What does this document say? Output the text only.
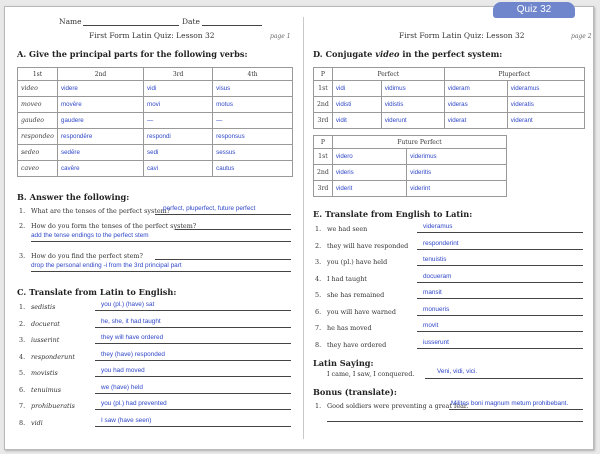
Name	Date
First Form Latin Quiz: Lesson 32	page 1
A. Give the principal parts for the following verbs:
1st	2nd	3rd	4th
video	videre	vidi	visus
moveo	movēre	movi	motus
gaudeo	gaudere	—	—
respondeo	respondēre	respondi	responsus
sedeo	sedēre	sedi	sessus
caveo	cavēre	cavi	cautus
B. Answer the following:
1. What are the tenses of the perfect system?
perfect, pluperfect, future perfect
2. How do you form the tenses of the perfect system?
add the tense endings to the perfect stem
3. How do you find the perfect stem?
drop the personal ending -i from the 3rd principal part
C. Translate from Latin to English:
1. sedistis	you (pl.) (have) sat
2. docuerat	he, she, it had taught
3. iusserint	they will have ordered
4. responderunt	they (have) responded
5. movistis	you had moved
6. tenuimus	we (have) held
7. prohibueratis	you (pl.) had prevented
8. vidi	I saw (have seen)
First Form Latin Quiz: Lesson 32	page 2
D. Conjugate video in the perfect system:
P	Perfect		Pluperfect	
1st	vidi	vidimus	videram	videramus
2nd	vidisti	vidistis	videras	videratis
3rd	vidit	viderunt	viderat	viderant
P	Future Perfect	
1st	videro	viderimus
2nd	videris	videritis
3rd	viderit	viderint
E. Translate from English to Latin:
1. we had seen	videramus
2. they will have responded responderint
3. you (pl.) have held	tenuistis
4. I had taught	docueram
5. she has remained	mansit
6. you will have warned	monueris
7. he has moved	movit
8. they have ordered	iusserunt
Latin Saying:
I came, I saw, I conquered.	Veni, vidi, vici.
Bonus (translate):
1. Good soldiers were preventing a great fear.
Milites boni magnum metum prohibebant.
Quiz 32
